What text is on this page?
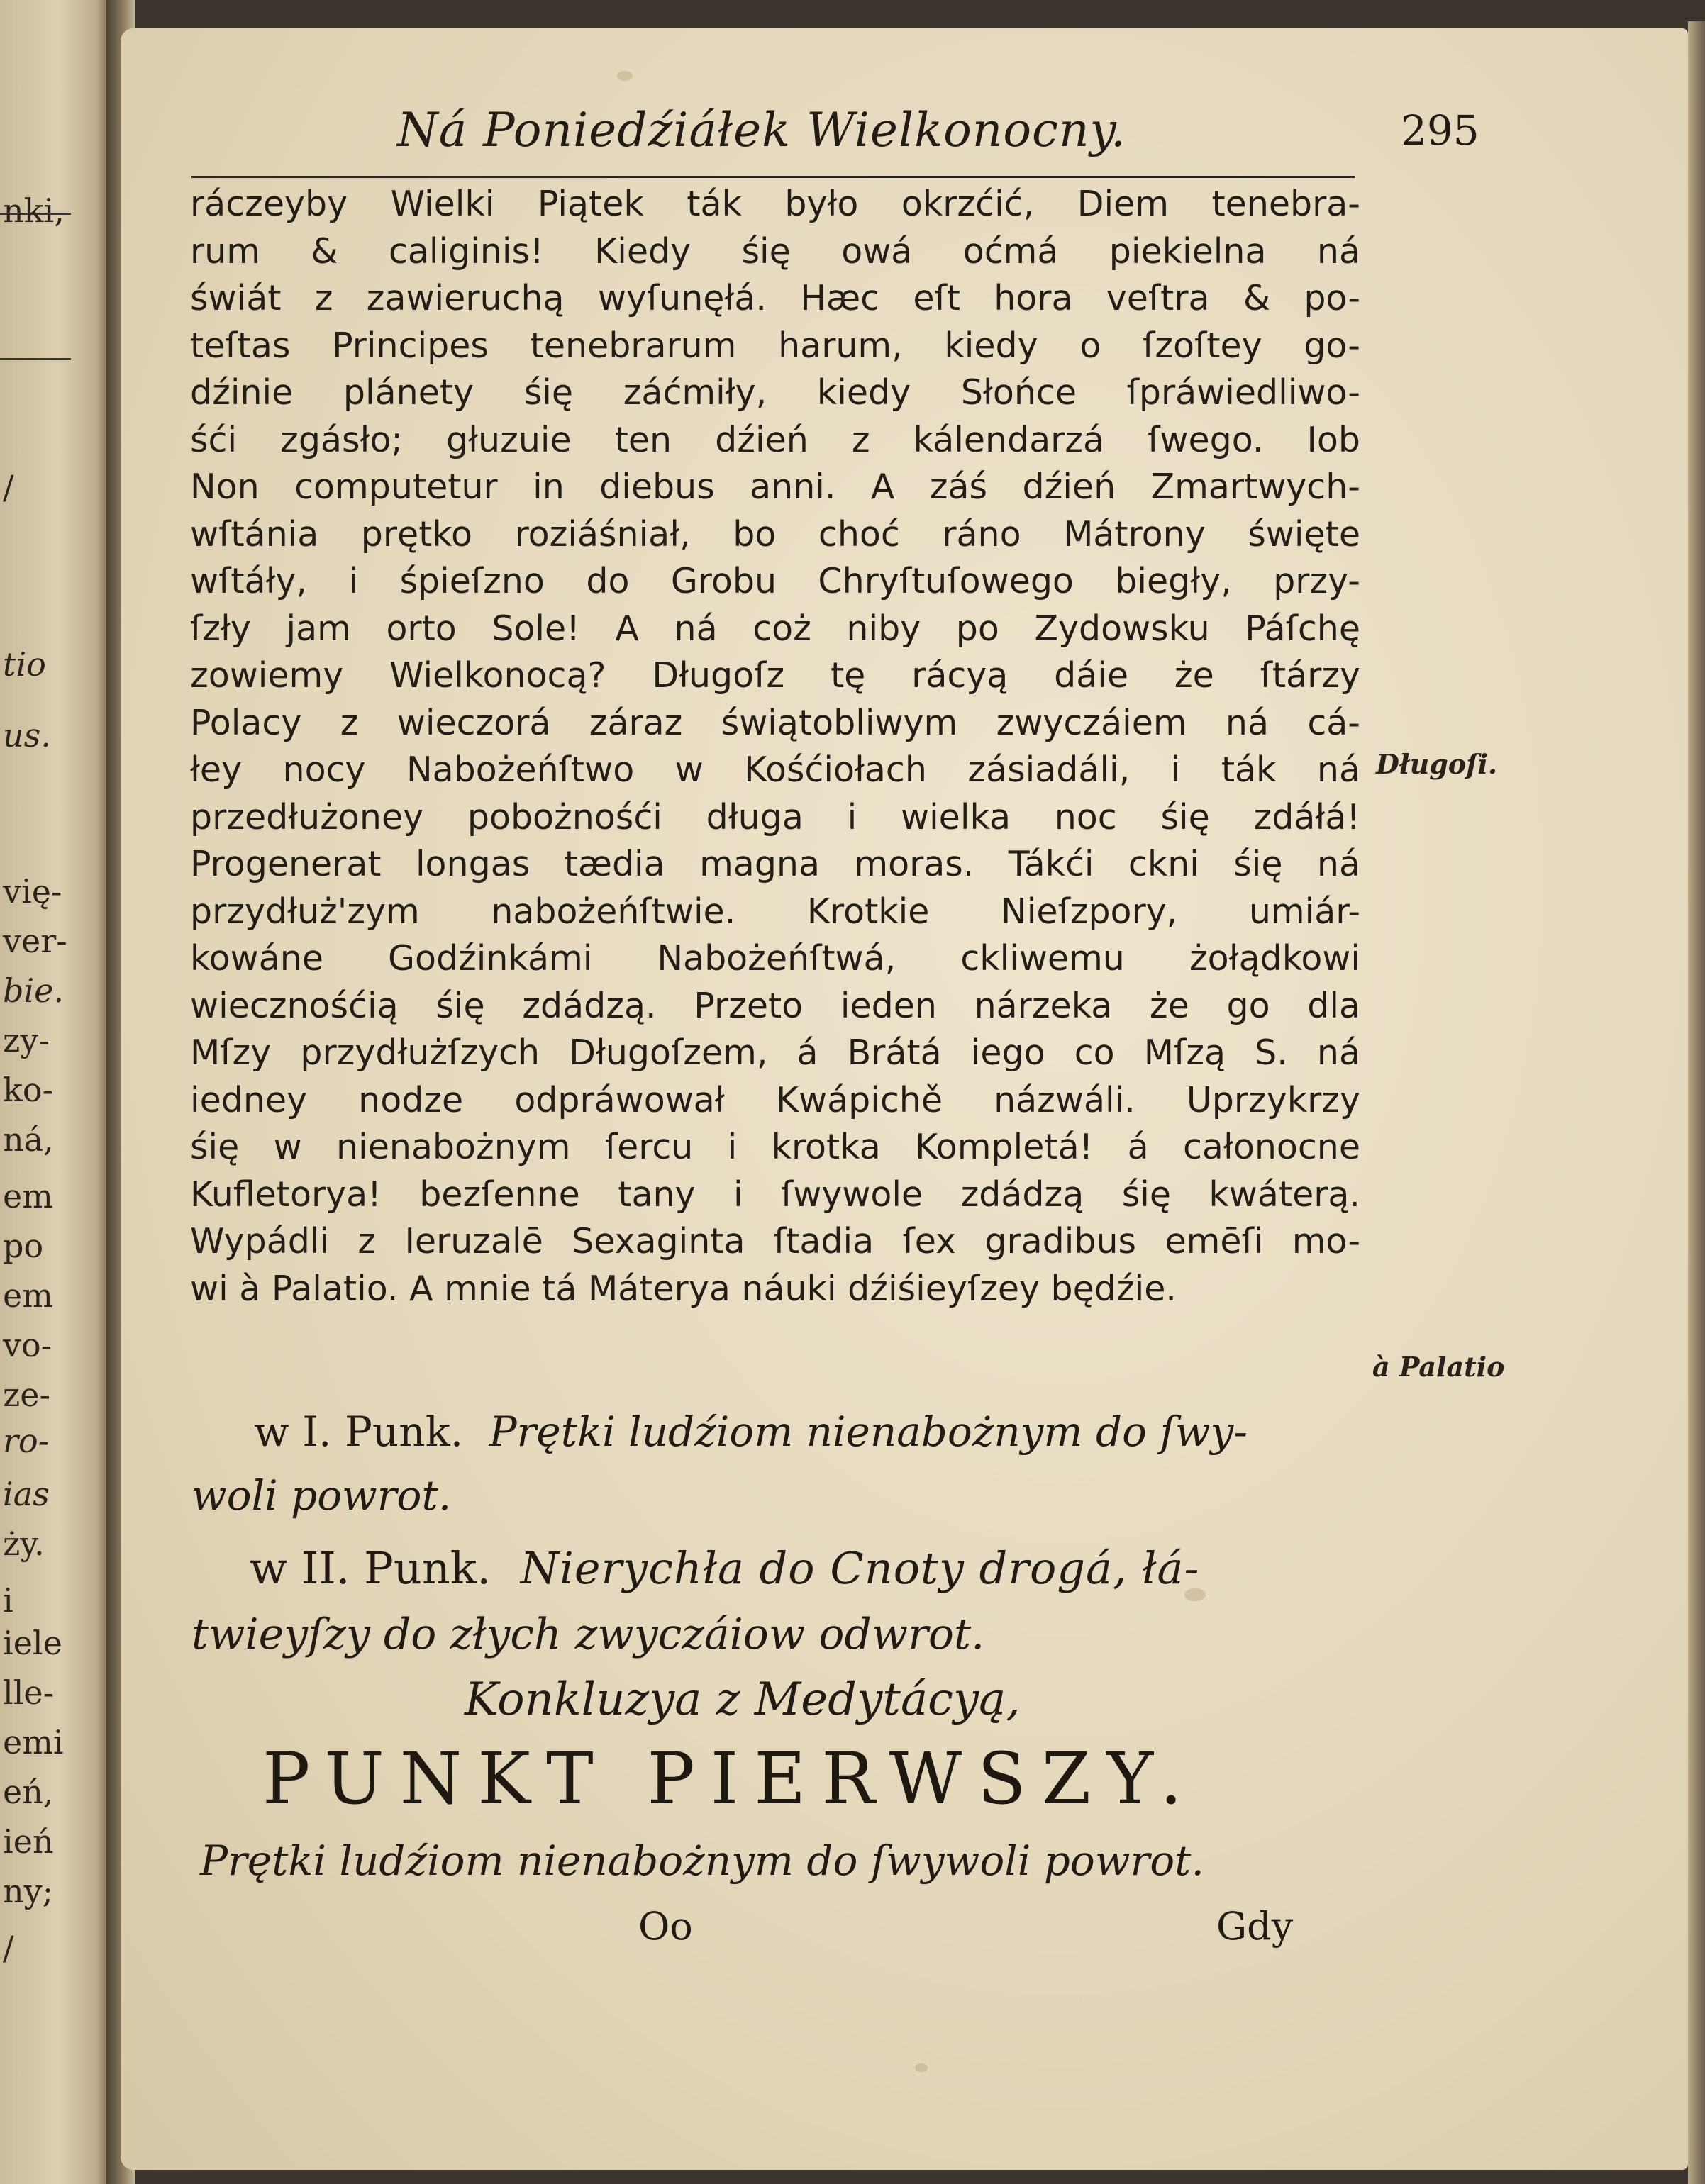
nki,
/
tio
us.
vię-
ver-
bie.
zy-
ko-
ná,
em
po
em
vo-
ze-
ro-
ias
ży.
i
iele
lle-
emi
eń,
ień
ny;
/
Ná Poniedźiáłek Wielkonocny.	295
ráczeyby Wielki Piątek ták było okrzćić, Diem tenebra-
rum & caliginis! Kiedy śię owá oćmá piekielna ná
świát z zawieruchą wyſunęłá. Hæc eſt hora veſtra & po-
teſtas Principes tenebrarum harum, kiedy o ſzoſtey go-
dźinie plánety śię záćmiły, kiedy Słońce ſpráwiedliwo-
śći zgásło; głuzuie ten dźień z kálendarzá ſwego. Iob
Non computetur in diebus anni. A záś dźień Zmartwych-
wſtánia prętko roziáśniał, bo choć ráno Mátrony święte
wſtáły, i śpieſzno do Grobu Chryſtuſowego biegły, przy-
ſzły jam orto Sole! A ná coż niby po Zydowsku Páſchę
zowiemy Wielkonocą? Długoſz tę rácyą dáie że ſtárzy
Polacy z wieczorá záraz świątobliwym zwyczáiem ná cá-
łey nocy Nabożeńſtwo w Kośćiołach zásiadáli, i ták ná
przedłużoney pobożnośći długa i wielka noc śię zdáłá!
Progenerat longas tædia magna moras. Tákći ckni śię ná
przydłuż'zym nabożeńſtwie. Krotkie Nieſzpory, umiár-
kowáne Godźinkámi Nabożeńſtwá, ckliwemu żołądkowi
wiecznośćią śię zdádzą. Przeto ieden nárzeka że go dla
Mſzy przydłużſzych Długoſzem, á Brátá iego co Mſzą S. ná
iedney nodze odpráwował Kwápichě názwáli. Uprzykrzy
śię w nienabożnym ſercu i krotka Kompletá! á całonocne
Kufletorya! bezſenne tany i ſwywole zdádzą śię kwáterą.
Wypádli z Ieruzalē Sexaginta ſtadia ſex gradibus emēſi mo-
wi à Palatio. A mnie tá Máterya náuki dźiśieyſzey będźie.
Długoſi.
à Palatio
w I. Punk. Prętki ludźiom nienabożnym do ſwy-
woli powrot.
w II. Punk. Nierychła do Cnoty drogá, łá-
twieyſzy do złych zwyczáiow odwrot.
Konkluzya z Medytácyą,
PUNKT PIERWSZY.
Prętki ludźiom nienabożnym do ſwywoli powrot.
Oo	Gdy
